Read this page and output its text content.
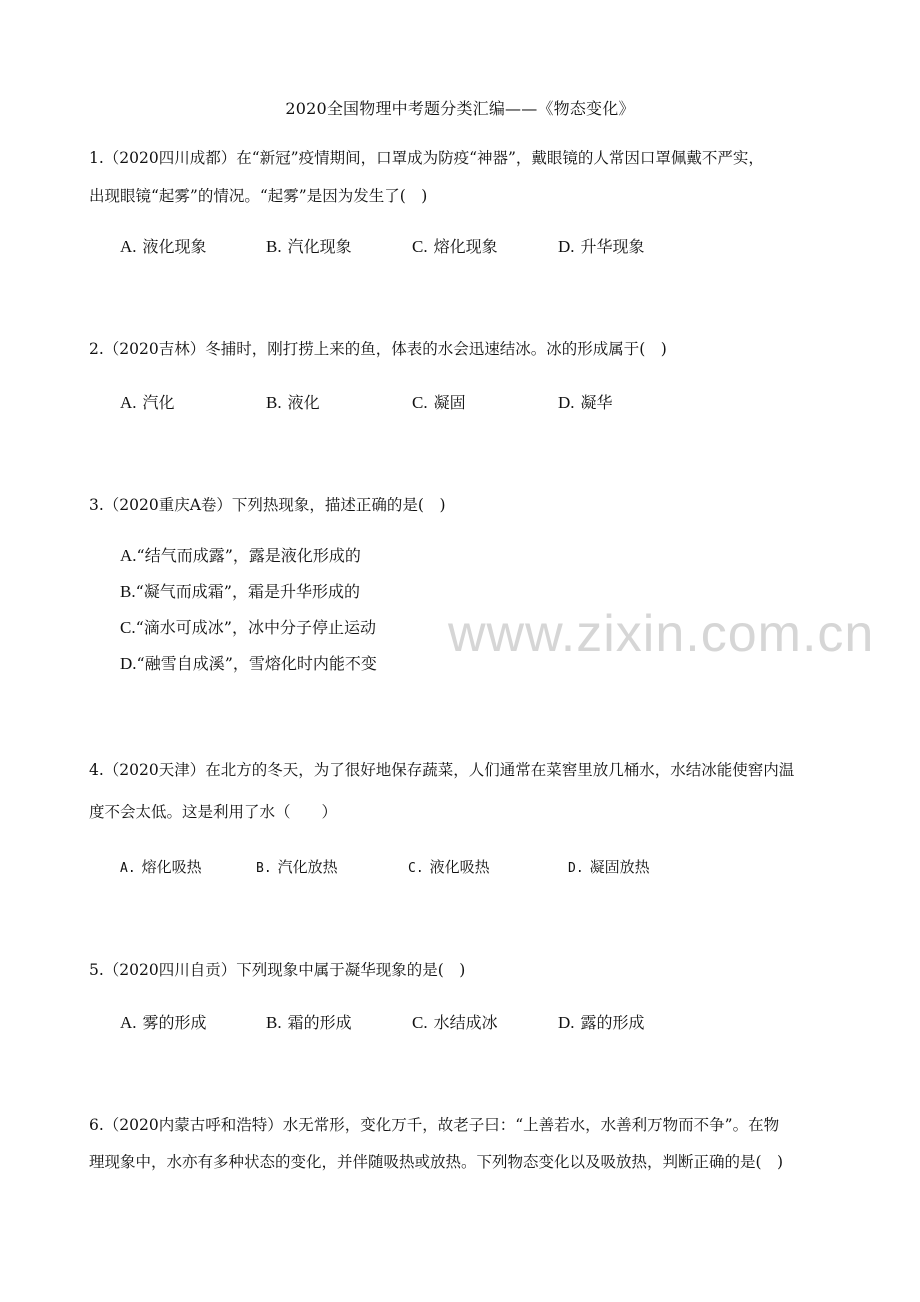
2020全国物理中考题分类汇编——《物态变化》
1.（2020四川成都）在“新冠”疫情期间，口罩成为防疫“神器”，戴眼镜的人常因口罩佩戴不严实，
出现眼镜“起雾”的情况。“起雾”是因为发生了(　)
A. 液化现象	B. 汽化现象	C. 熔化现象	D. 升华现象
2.（2020吉林）冬捕时，刚打捞上来的鱼，体表的水会迅速结冰。冰的形成属于(　)
A. 汽化	B. 液化	C. 凝固	D. 凝华
3.（2020重庆A卷）下列热现象，描述正确的是(　)
A.“结气而成露”，露是液化形成的
B.“凝气而成霜”，霜是升华形成的
C.“滴水可成冰”，冰中分子停止运动
D.“融雪自成溪”，雪熔化时内能不变
www.zixin.com.cn
4.（2020天津）在北方的冬天，为了很好地保存蔬菜，人们通常在菜窖里放几桶水，水结冰能使窖内温
度不会太低。这是利用了水（　　）
A. 熔化吸热	B. 汽化放热	C. 液化吸热	D. 凝固放热
5.（2020四川自贡）下列现象中属于凝华现象的是(　)
A. 雾的形成	B. 霜的形成	C. 水结成冰	D. 露的形成
6.（2020内蒙古呼和浩特）水无常形，变化万千，故老子曰：“上善若水，水善利万物而不争”。在物
理现象中，水亦有多种状态的变化，并伴随吸热或放热。下列物态变化以及吸放热，判断正确的是(　)
